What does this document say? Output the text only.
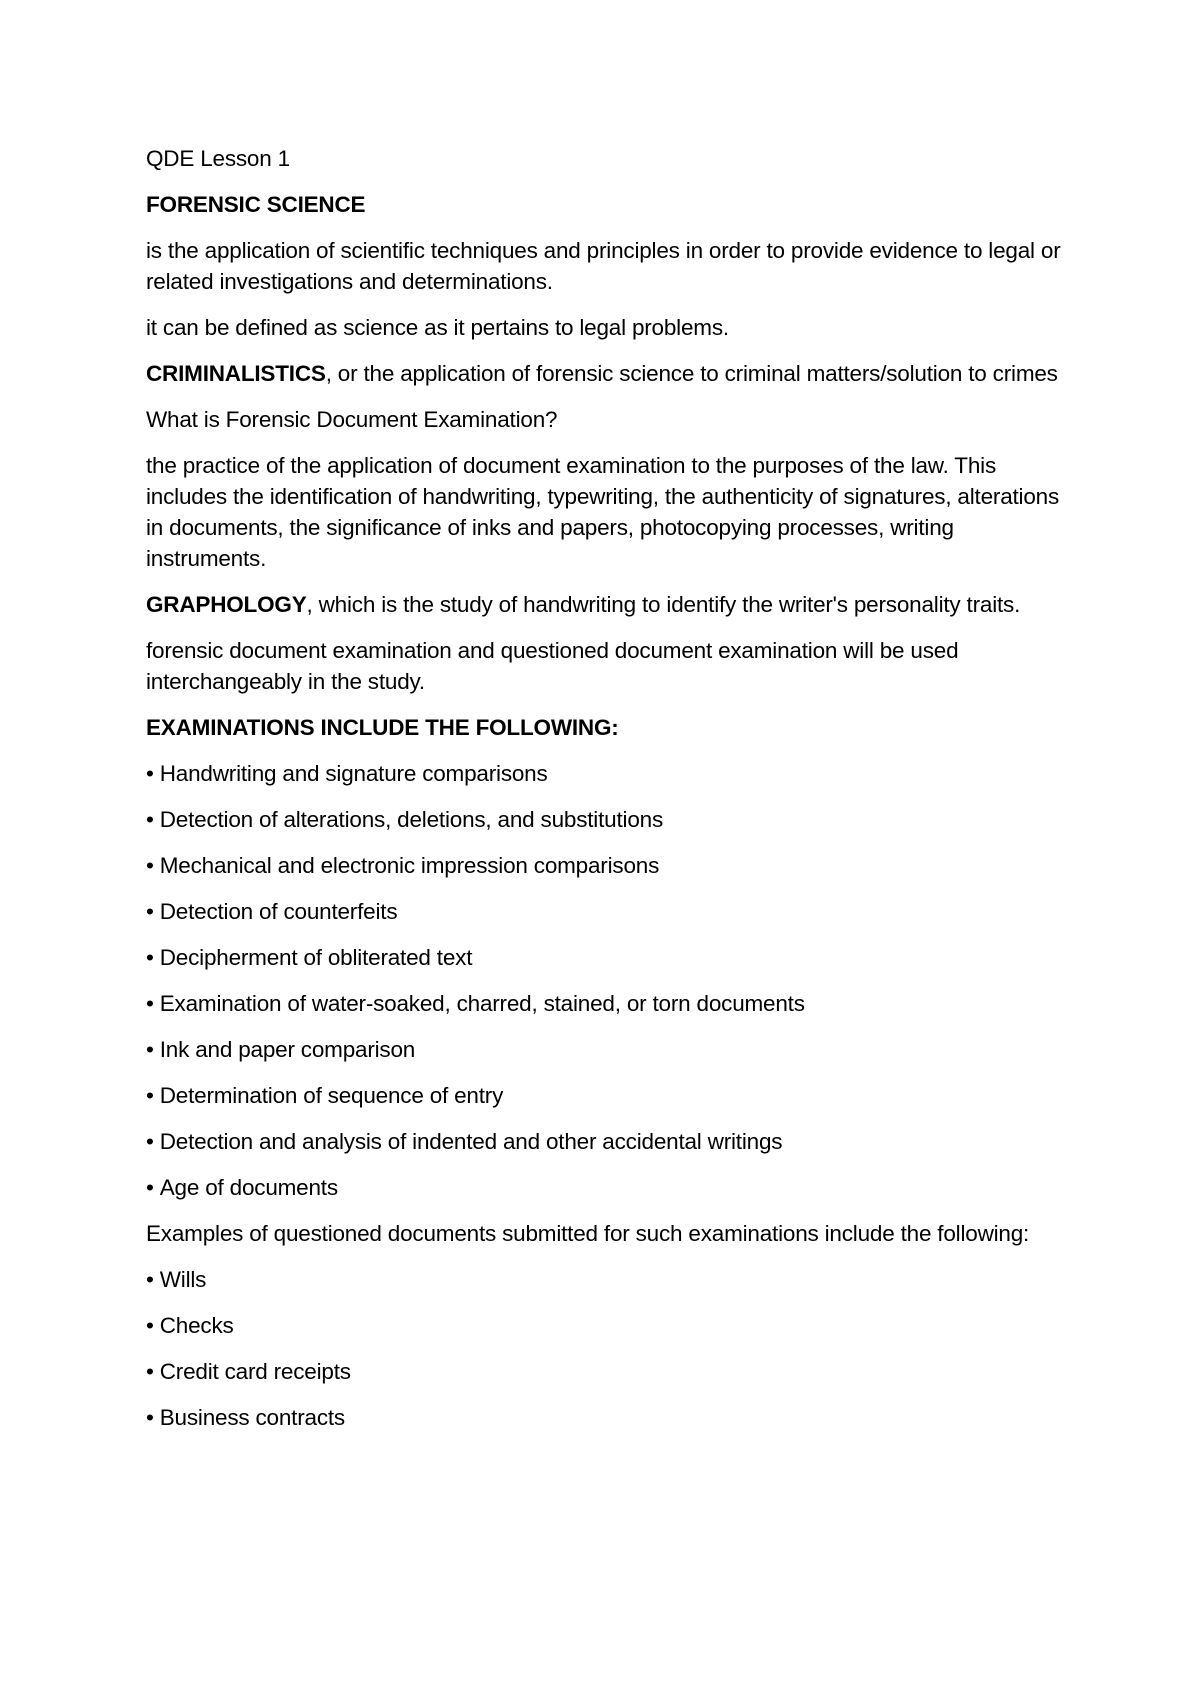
QDE Lesson 1

FORENSIC SCIENCE

is the application of scientific techniques and principles in order to provide evidence to legal or related investigations and determinations.

it can be defined as science as it pertains to legal problems.

CRIMINALISTICS, or the application of forensic science to criminal matters/solution to crimes

What is Forensic Document Examination?

the practice of the application of document examination to the purposes of the law. This includes the identification of handwriting, typewriting, the authenticity of signatures, alterations in documents, the significance of inks and papers, photocopying processes, writing instruments.

GRAPHOLOGY, which is the study of handwriting to identify the writer's personality traits.

forensic document examination and questioned document examination will be used interchangeably in the study.

EXAMINATIONS INCLUDE THE FOLLOWING:

• Handwriting and signature comparisons

• Detection of alterations, deletions, and substitutions

• Mechanical and electronic impression comparisons

• Detection of counterfeits

• Decipherment of obliterated text

• Examination of water-soaked, charred, stained, or torn documents

• Ink and paper comparison

• Determination of sequence of entry

• Detection and analysis of indented and other accidental writings

• Age of documents

Examples of questioned documents submitted for such examinations include the following:

• Wills

• Checks

• Credit card receipts

• Business contracts
